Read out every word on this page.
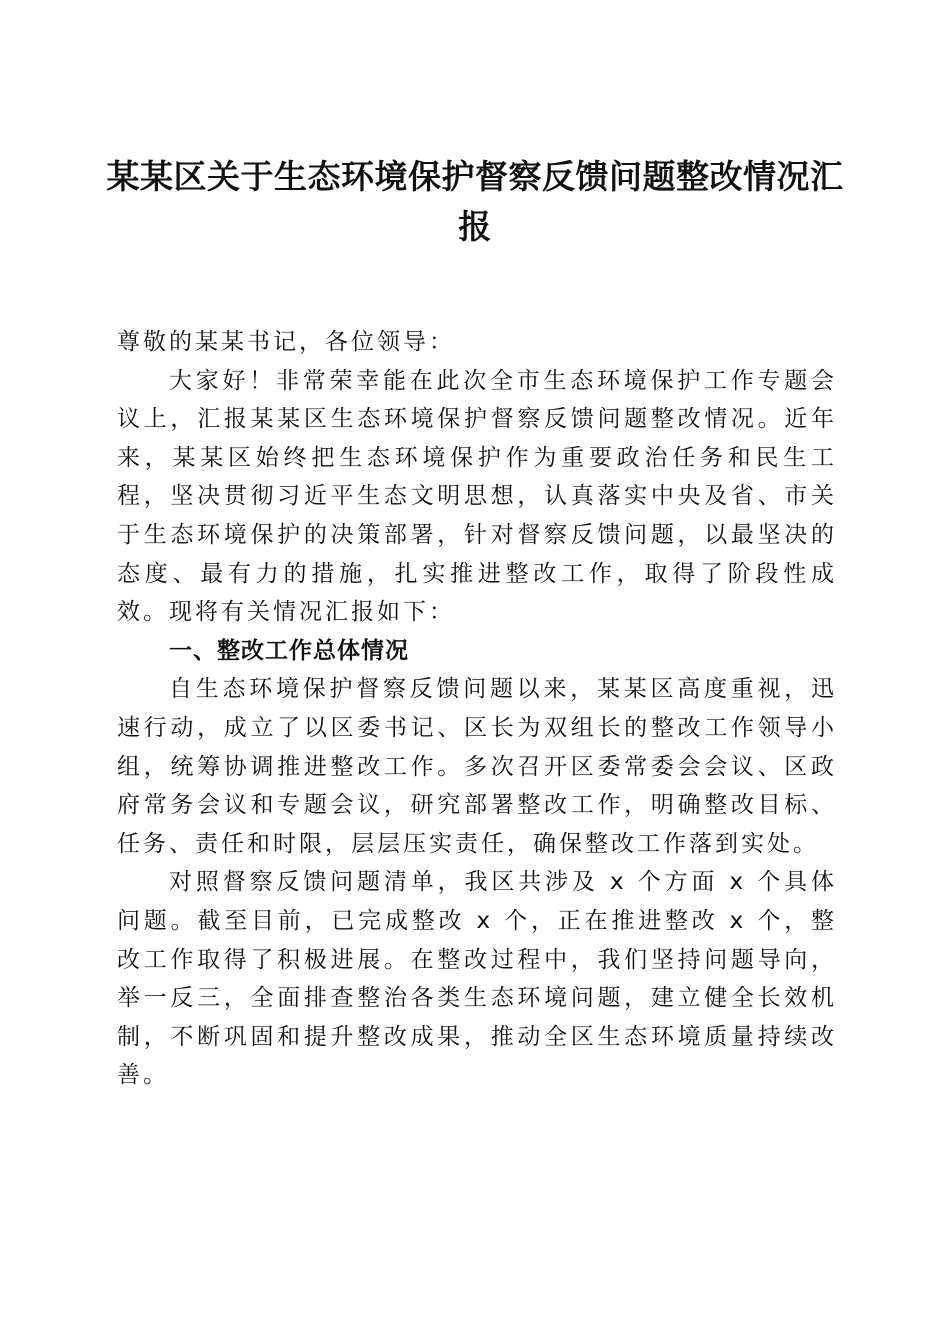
某某区关于生态环境保护督察反馈问题整改情况汇报

尊敬的某某书记，各位领导：

大家好！非常荣幸能在此次全市生态环境保护工作专题会议上，汇报某某区生态环境保护督察反馈问题整改情况。近年来，某某区始终把生态环境保护作为重要政治任务和民生工程，坚决贯彻习近平生态文明思想，认真落实中央及省、市关于生态环境保护的决策部署，针对督察反馈问题，以最坚决的态度、最有力的措施，扎实推进整改工作，取得了阶段性成效。现将有关情况汇报如下：

一、整改工作总体情况

自生态环境保护督察反馈问题以来，某某区高度重视，迅速行动，成立了以区委书记、区长为双组长的整改工作领导小组，统筹协调推进整改工作。多次召开区委常委会会议、区政府常务会议和专题会议，研究部署整改工作，明确整改目标、任务、责任和时限，层层压实责任，确保整改工作落到实处。

对照督察反馈问题清单，我区共涉及 x 个方面 x 个具体问题。截至目前，已完成整改 x 个，正在推进整改 x 个，整改工作取得了积极进展。在整改过程中，我们坚持问题导向，举一反三，全面排查整治各类生态环境问题，建立健全长效机制，不断巩固和提升整改成果，推动全区生态环境质量持续改善。
